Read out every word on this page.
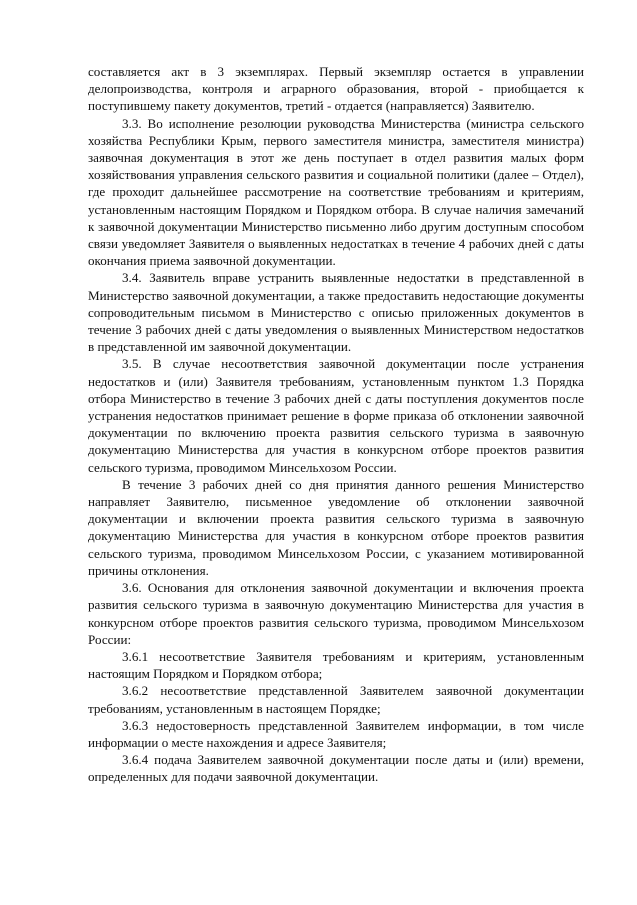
составляется акт в 3 экземплярах. Первый экземпляр остается в управлении делопроизводства, контроля и аграрного образования, второй - приобщается к поступившему пакету документов, третий - отдается (направляется) Заявителю.

3.3. Во исполнение резолюции руководства Министерства (министра сельского хозяйства Республики Крым, первого заместителя министра, заместителя министра) заявочная документация в этот же день поступает в отдел развития малых форм хозяйствования управления сельского развития и социальной политики (далее – Отдел), где проходит дальнейшее рассмотрение на соответствие требованиям и критериям, установленным настоящим Порядком и Порядком отбора. В случае наличия замечаний к заявочной документации Министерство письменно либо другим доступным способом связи уведомляет Заявителя о выявленных недостатках в течение 4 рабочих дней с даты окончания приема заявочной документации.

3.4. Заявитель вправе устранить выявленные недостатки в представленной в Министерство заявочной документации, а также предоставить недостающие документы сопроводительным письмом в Министерство с описью приложенных документов в течение 3 рабочих дней с даты уведомления о выявленных Министерством недостатков в представленной им заявочной документации.

3.5. В случае несоответствия заявочной документации после устранения недостатков и (или) Заявителя требованиям, установленным пунктом 1.3 Порядка отбора Министерство в течение 3 рабочих дней с даты поступления документов после устранения недостатков принимает решение в форме приказа об отклонении заявочной документации по включению проекта развития сельского туризма в заявочную документацию Министерства для участия в конкурсном отборе проектов развития сельского туризма, проводимом Минсельхозом России.

В течение 3 рабочих дней со дня принятия данного решения Министерство направляет Заявителю, письменное уведомление об отклонении заявочной документации и включении проекта развития сельского туризма в заявочную документацию Министерства для участия в конкурсном отборе проектов развития сельского туризма, проводимом Минсельхозом России, с указанием мотивированной причины отклонения.

3.6. Основания для отклонения заявочной документации и включения проекта развития сельского туризма в заявочную документацию Министерства для участия в конкурсном отборе проектов развития сельского туризма, проводимом Минсельхозом России:

3.6.1 несоответствие Заявителя требованиям и критериям, установленным настоящим Порядком и Порядком отбора;

3.6.2 несоответствие представленной Заявителем заявочной документации требованиям, установленным в настоящем Порядке;

3.6.3 недостоверность представленной Заявителем информации, в том числе информации о месте нахождения и адресе Заявителя;

3.6.4 подача Заявителем заявочной документации после даты и (или) времени, определенных для подачи заявочной документации.
